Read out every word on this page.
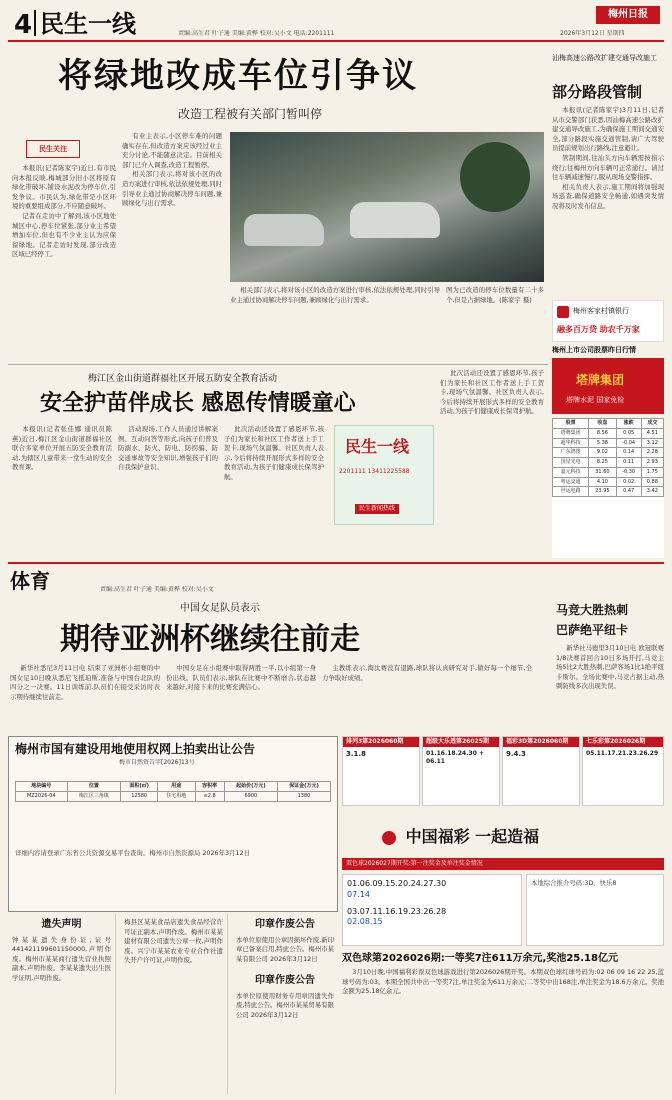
4 民生一线	责编:高生君 叶子通 美编:黄桦 校对:吴小文 电话:2201111	2026年3月12日 星期四
梅州日报
将绿地改成车位引争议
改造工程被有关部门暂叫停
民生关注

本报讯(记者陈家宇)近日,有市民向本报反映,梅城部分旧小区将原有绿化带破坏,铺设水泥改为停车位,引发争议。市民认为,绿化带是小区环境的重要组成部分,不应随意破坏。

记者在走访中了解到,该小区地处城区中心,停车位紧张,部分业主希望增加车位,但也有不少业主认为应保留绿地。记者走访时发现,部分改造区域已经停工。

有业主表示,小区停车难的问题确实存在,但改造方案应该经过业主充分讨论,不能随意决定。目前相关部门已介入调查,改造工程暂停。

相关部门表示,将对该小区的改造方案进行审核,依法依规处理,同时引导业主通过协商解决停车问题,兼顾绿化与出行需求。

相关部门表示,将对该小区的改造方案进行审核,依法依规处理,同时引导业主通过协商解决停车问题,兼顾绿化与出行需求。

图为已改造的停车位数量有二十多个,但是占据绿地。(陈家宇 摄)
汕梅高速公路改扩建交通导改施工
部分路段管制

本报讯(记者陈家宇)3月11日,记者从市交警部门获悉,因汕梅高速公路改扩建交通导改施工,为确保施工期间交通安全,部分路段实施交通管制,请广大驾驶员提前规划出行路线,注意避让。

管制期间,往汕头方向车辆需按指示绕行;往梅州方向车辆可正常通行。请过往车辆减速慢行,服从现场交警指挥。

相关负责人表示,施工期间将加强现场巡查,确保道路安全畅通,如遇突发情况将及时发布信息。

梅州客家村镇银行
融多百万贷 助农千万家
梅州上市公司股票昨日行情
塔牌集团
塔牌水泥 国家免检
股票	收盘	涨跌	成交
塔牌集团	8.56	0.05	4.51
超华科技	5.38	-0.04	3.12
广东鸿图	9.02	0.14	2.28
国星光电	8.25	0.11	2.93
嘉元科技	31.60	-0.30	1.75
粤运交通	4.10	0.02	0.88
世运电路	23.95	0.47	3.42
梅江区金山街道群福社区开展五防安全教育活动
安全护苗伴成长 感恩传情暖童心

本报讯(记者张佳娜 通讯员陈燕)近日,梅江区金山街道群福社区联合多家单位开展五防安全教育活动,为辖区儿童带来一堂生动的安全教育课。

活动现场,工作人员通过讲解案例、互动问答等形式,向孩子们普及防溺水、防火、防电、防拐骗、防交通事故等安全知识,增强孩子们的自我保护意识。

此次活动还设置了感恩环节,孩子们为家长和社区工作者送上手工贺卡,现场气氛温馨。社区负责人表示,今后将持续开展形式多样的安全教育活动,为孩子们健康成长保驾护航。

民生一线
2201111 13411225588
民生新闻热线

此次活动还设置了感恩环节,孩子们为家长和社区工作者送上手工贺卡,现场气氛温馨。社区负责人表示,今后将持续开展形式多样的安全教育活动,为孩子们健康成长保驾护航。

体育	责编:高生君 叶子通 美编:黄桦 校对:吴小文
中国女足队员表示
期待亚洲杯继续往前走

新华社悉尼3月11日电 结束了亚洲杯小组赛的中国女足10日晚从悉尼飞抵珀斯,准备与中国台北队的四分之一决赛。11日训练前,队员们在接受采访时表示期待继续往前走。

中国女足在小组赛中取得两胜一平,以小组第一身份出线。队员们表示,球队在比赛中不断磨合,状态越来越好,对接下来的比赛充满信心。

主教练表示,淘汰赛没有退路,球队将认真研究对手,做好每一个细节,全力争取好成绩。

马竞大胜热刺
巴萨绝平纽卡

新华社马德里3月10日电 欧冠联赛1/8决赛首回合10日多场开打,马竞主场5比2大胜热刺,巴萨客场1比1绝平纽卡斯尔。全场比赛中,马竞占据主动,热刺防线多次出现失误。

梅州市国有建设用地使用权网上拍卖出让公告
梅市自然资告字[2026]13号
地块编号	位置	面积(㎡)	用途	容积率	起始价(万元)	保证金(万元)
MZ2026-04	梅江区三角镇	12580	住宅用地	≤2.8	6900	1380
详细内容请登录广东省公共资源交易平台查询。梅州市自然资源局 2026年3月12日
遗失声明
钟某某遗失身份证,证号441421199601150000,声明作废。梅州市某某商行遗失营业执照副本,声明作废。李某某遗失出生医学证明,声明作废。
梅县区某某食品店遗失食品经营许可证正副本,声明作废。梅州市某某建材有限公司遗失公章一枚,声明作废。兴宁市某某农业专业合作社遗失开户许可证,声明作废。
印章作废公告
本单位原使用公章因损坏作废,新印章已备案启用,特此公告。梅州市某某有限公司 2026年3月12日
印章作废公告
本单位原使用财务专用章因遗失作废,特此公告。梅州市某某贸易有限公司 2026年3月12日
排列3第2026060期
3.1.8
超级大乐透第26025期
01.16.18.24.30 + 06.11
福彩3D第2026060期
9.4.3
七乐彩第2026026期
05.11.17.21.23.26.29
中国福彩 一起造福
双色球2026027期开奖:第一注奖金及单注奖金情况
01.06.09.15.20.24.27.30
07.14
03.07.11.16.19.23.26.28
02.08.15
本地综合推介号码:3D、快乐8
双色球第2026026期:一等奖7注611万余元,奖池25.18亿元

3月10日晚,中国福利彩票双色球游戏进行第2026026期开奖。本期双色球红球号码为:02 06 09 16 22 25,蓝球号码为:03。本期全国共中出一等奖7注,单注奖金为611万余元;二等奖中出168注,单注奖金为18.6万余元。奖池金额为25.18亿余元。
